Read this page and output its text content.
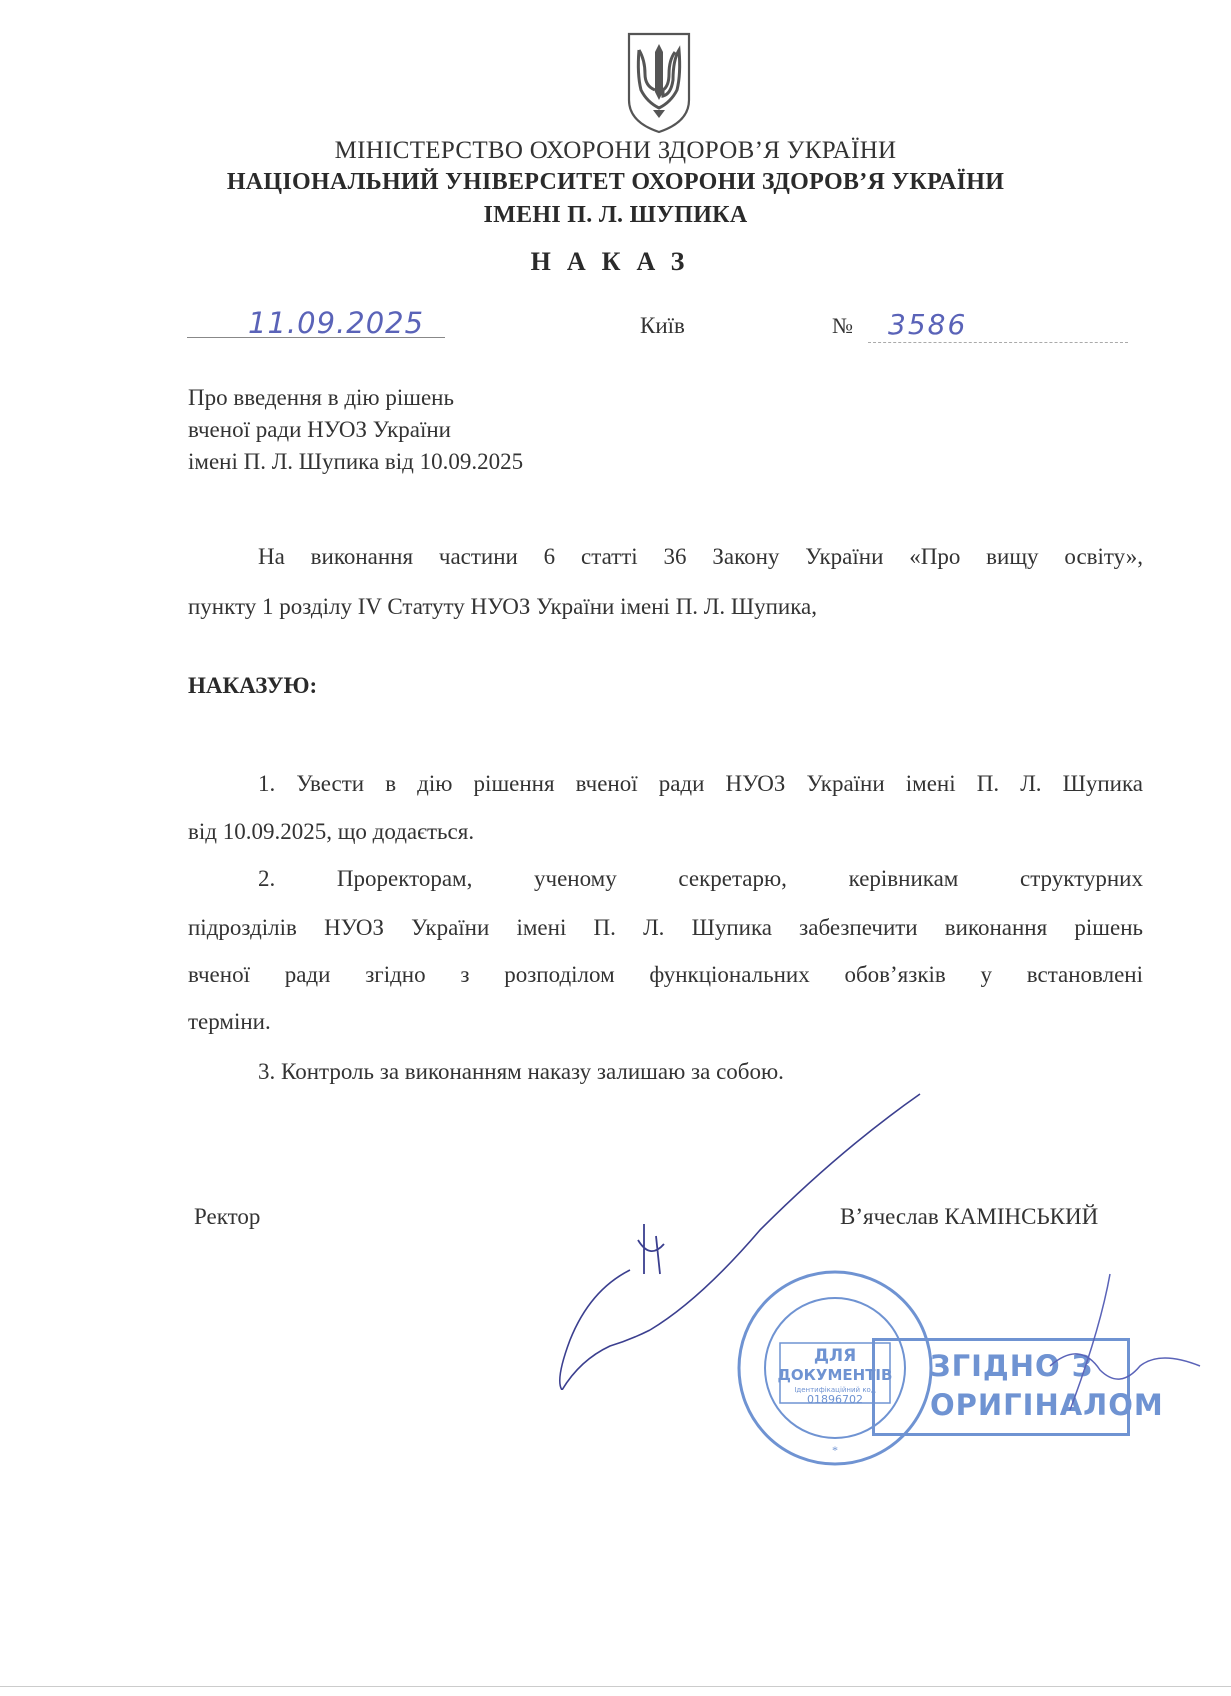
МІНІСТЕРСТВО ОХОРОНИ ЗДОРОВ’Я УКРАЇНИ
НАЦІОНАЛЬНИЙ УНІВЕРСИТЕТ ОХОРОНИ ЗДОРОВ’Я УКРАЇНИ
ІМЕНІ П. Л. ШУПИКА
НАКАЗ
11.09.2025	Київ	№ 3586
Про введення в дію рішень
вченої ради НУОЗ України
імені П. Л. Шупика від 10.09.2025
На виконання частини 6 статті 36 Закону України «Про вищу освіту»,
пункту 1 розділу IV Статуту НУОЗ України імені П. Л. Шупика,
НАКАЗУЮ:
1. Увести в дію рішення вченої ради НУОЗ України імені П. Л. Шупика
від 10.09.2025, що додається.
2. Проректорам, ученому секретарю, керівникам структурних
підрозділів НУОЗ України імені П. Л. Шупика забезпечити виконання рішень
вченої ради згідно з розподілом функціональних обов’язків у встановлені
терміни.
3. Контроль за виконанням наказу залишаю за собою.
Ректор	В’ячеслав КАМІНСЬКИЙ
ДЛЯ
ДОКУМЕНТІВ
Ідентифікаційний код
01896702
*
ЗГІДНО З
ОРИГІНАЛОМ
